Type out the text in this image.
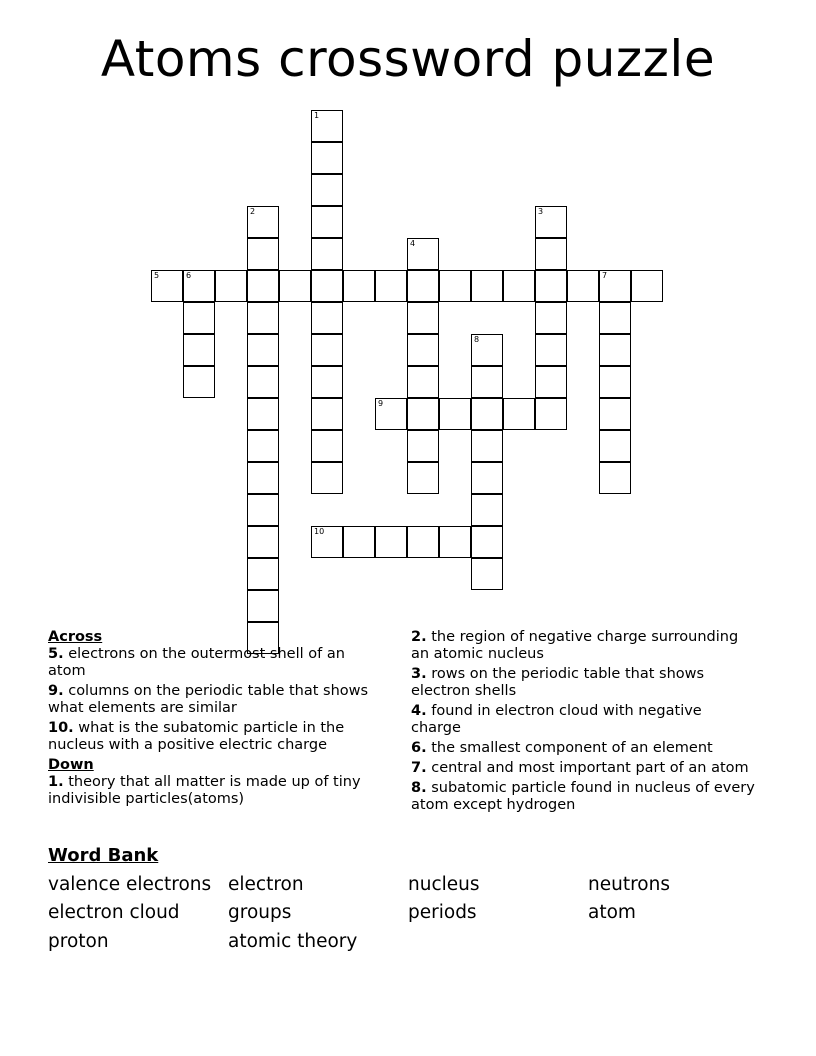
Atoms crossword puzzle
1
2	3
4
5	6	7
8
9
10
Across
5. electrons on the outermost shell of an atom
9. columns on the periodic table that shows what elements are similar
10. what is the subatomic particle in the nucleus with a positive electric charge
Down
1. theory that all matter is made up of tiny indivisible particles(atoms)
2. the region of negative charge surrounding an atomic nucleus
3. rows on the periodic table that shows electron shells
4. found in electron cloud with negative charge
6. the smallest component of an element
7. central and most important part of an atom
8. subatomic particle found in nucleus of every atom except hydrogen
Word Bank
valence electrons electron	nucleus	neutrons
electron cloud	groups	periods	atom
proton	atomic theory
